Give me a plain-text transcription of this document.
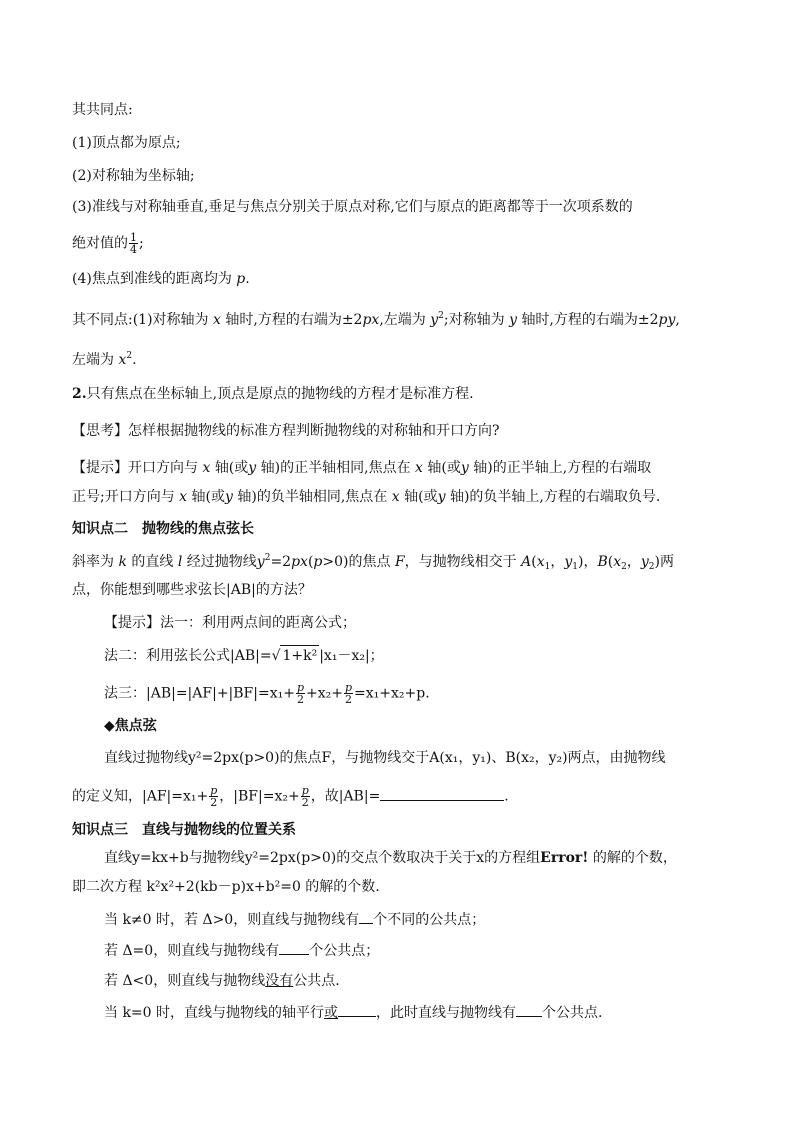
其共同点:
(1)顶点都为原点;
(2)对称轴为坐标轴;
(3)准线与对称轴垂直,垂足与焦点分别关于原点对称,它们与原点的距离都等于一次项系数的
绝对值的 $\frac{1}{4}$ ;
(4)焦点到准线的距离均为 p.
其不同点:(1)对称轴为 x 轴时,方程的右端为±2px,左端为 $y^2$;对称轴为 y 轴时,方程的右端为±2py,
左端为 $x^2$.
2.只有焦点在坐标轴上,顶点是原点的抛物线的方程才是标准方程.
【思考】怎样根据抛物线的标准方程判断抛物线的对称轴和开口方向?
【提示】开口方向与 x 轴(或y 轴)的正半轴相同,焦点在 x 轴(或y 轴)的正半轴上,方程的右端取
正号;开口方向与 x 轴(或y 轴)的负半轴相同,焦点在 x 轴(或y 轴)的负半轴上,方程的右端取负号.
知识点二　抛物线的焦点弦长
斜率为 k 的直线 l 经过抛物线$y^2=2px(p>0)$的焦点 F，与抛物线相交于 $A(x_1$，$y_1$)，$B(x_2$，$y_2$)两
点，你能想到哪些求弦长|AB|的方法？
【提示】法一：利用两点间的距离公式；
法二：利用弦长公式|AB|=√ 1+k² |x₁－x₂|；
法三：$|AB|=|AF|+|BF|=x_1+ \frac{p}{2} +x_2+ \frac{p}{2} =x_1+x_2+p$.
◆焦点弦
直线过抛物线y²=2px(p>0)的焦点F，与抛物线交于A(x₁，y₁)、B(x₂，y₂)两点，由抛物线
的定义知，$|AF|=x_1+ \frac{p}{2}$ ，$|BF|=x_2+ \frac{p}{2}$ ，故|AB|=	.
知识点三　直线与抛物线的位置关系
直线y=kx+b与抛物线y²=2px(p>0)的交点个数取决于关于x的方程组Error! 的解的个数，
即二次方程 k²x²+2(kb－p)x+b²=0 的解的个数.
当 k≠0 时，若 Δ>0，则直线与抛物线有 个不同的公共点；
若 Δ=0，则直线与抛物线有 个公共点；
若 Δ<0，则直线与抛物线没有公共点.
当 k=0 时，直线与抛物线的轴平行或	，此时直线与抛物线有 个公共点.
